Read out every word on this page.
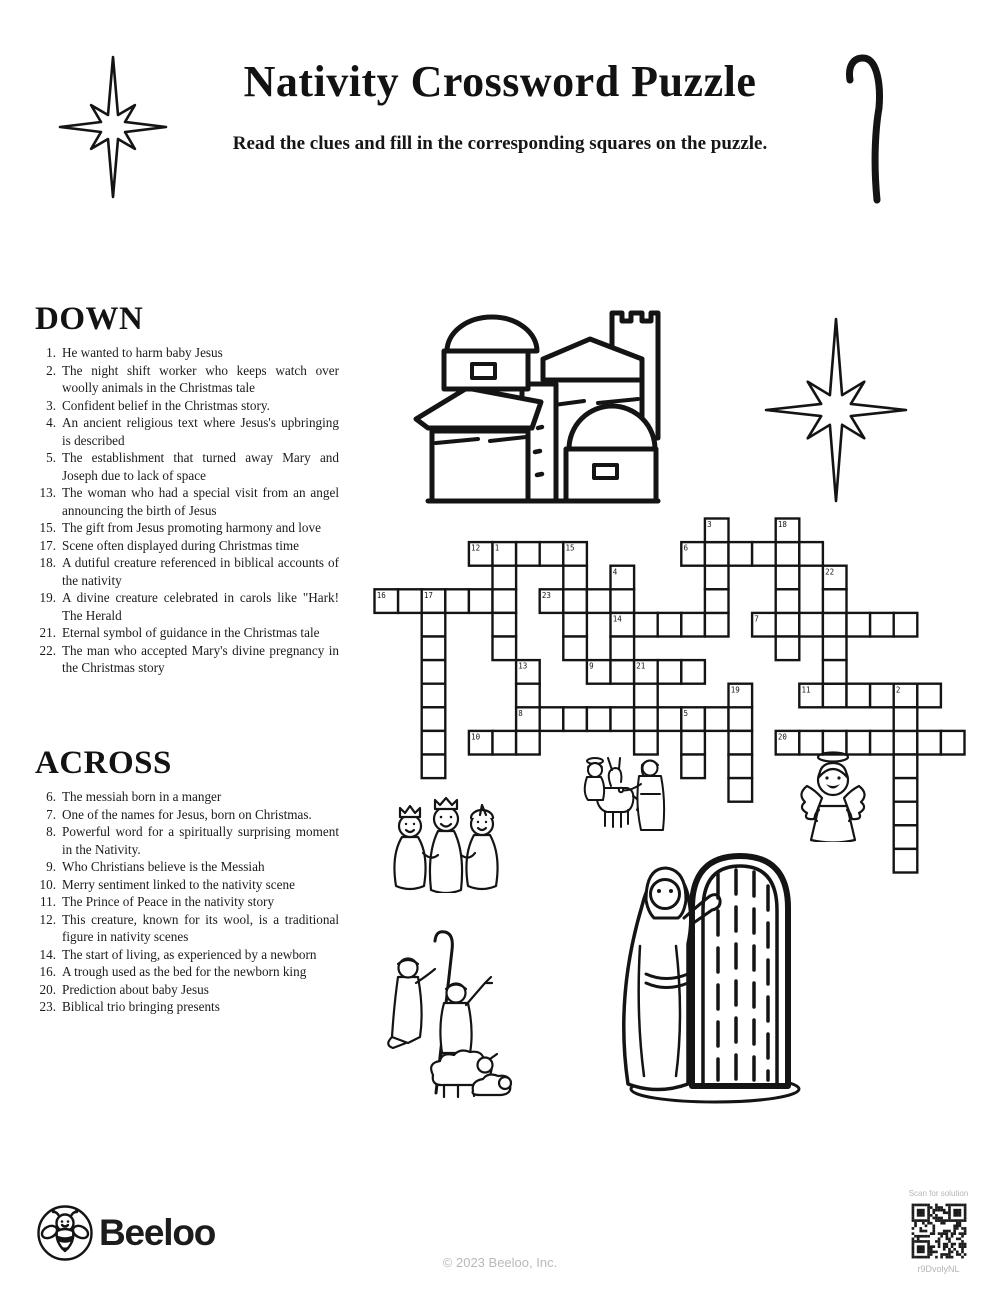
Nativity Crossword Puzzle
Read the clues and fill in the corresponding squares on the puzzle.
DOWN
1. He wanted to harm baby Jesus
2. The night shift worker who keeps watch over woolly animals in the Christmas tale
3. Confident belief in the Christmas story.
4. An ancient religious text where Jesus's upbringing is described
5. The establishment that turned away Mary and Joseph due to lack of space
13. The woman who had a special visit from an angel announcing the birth of Jesus
15. The gift from Jesus promoting harmony and love
17. Scene often displayed during Christmas time
18. A dutiful creature referenced in biblical accounts of the nativity
19. A divine creature celebrated in carols like "Hark! The Herald
21. Eternal symbol of guidance in the Christmas tale
22. The man who accepted Mary's divine pregnancy in the Christmas story
ACROSS
6. The messiah born in a manger
7. One of the names for Jesus, born on Christmas.
8. Powerful word for a spiritually surprising moment in the Nativity.
9. Who Christians believe is the Messiah
10. Merry sentiment linked to the nativity scene
11. The Prince of Peace in the nativity story
12. This creature, known for its wool, is a traditional figure in nativity scenes
14. The start of living, as experienced by a newborn
16. A trough used as the bed for the newborn king
20. Prediction about baby Jesus
23. Biblical trio bringing presents
12 1	15	6
16	17	23
14	7
9	21
11	2
8	5
10	20
3
4
13
18
19
22
Beeloo
© 2023 Beeloo, Inc.
Scan for solution
r9DvolyNL
